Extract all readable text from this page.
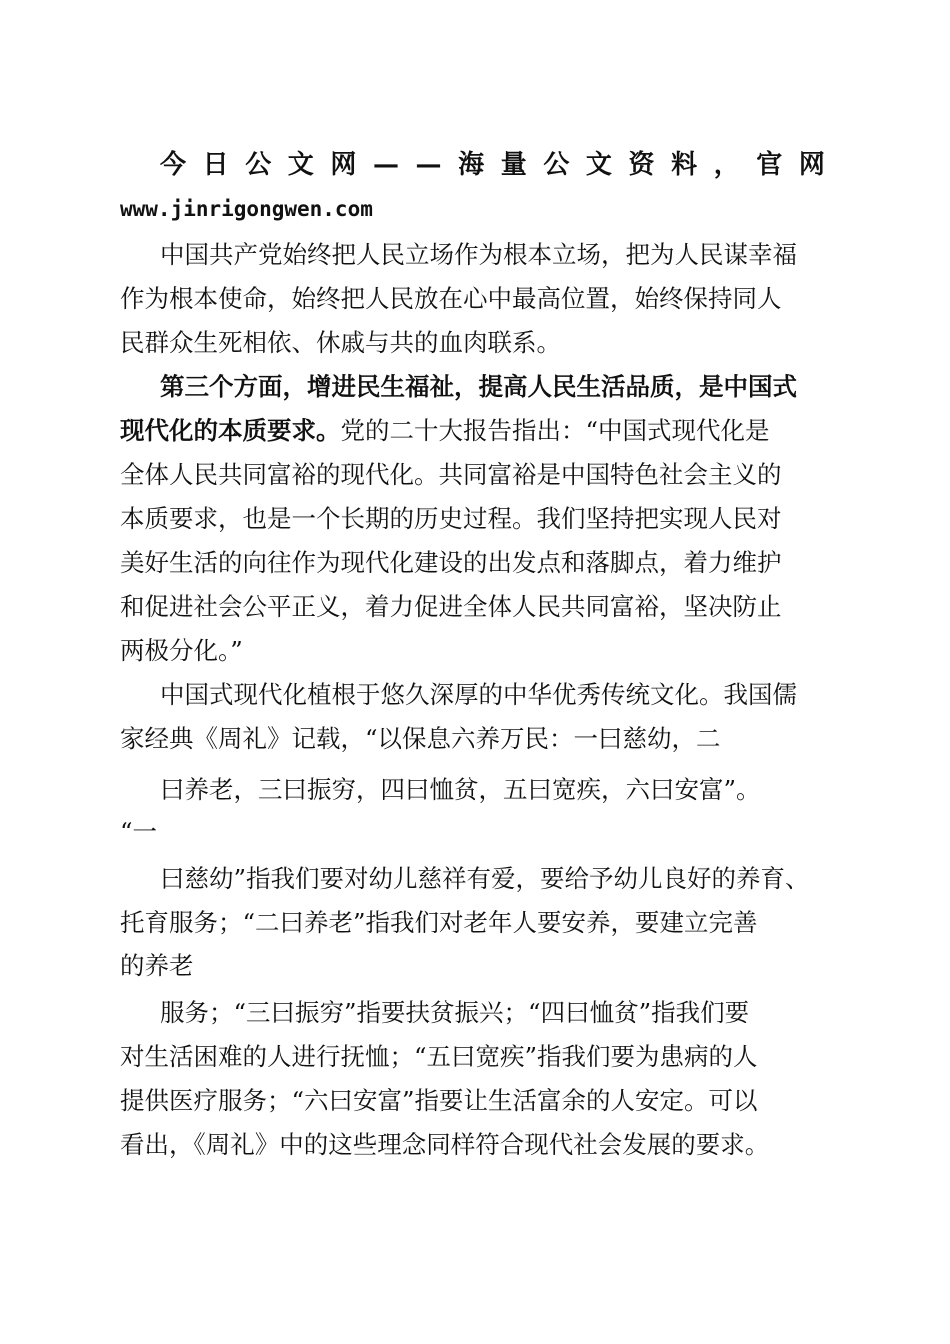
今 日 公 文 网 — — 海 量 公 文 资 料 ， 官 网
www.jinrigongwen.com
中国共产党始终把人民立场作为根本立场，把为人民谋幸福
作为根本使命，始终把人民放在心中最高位置，始终保持同人
民群众生死相依、休戚与共的血肉联系。
第三个方面，增进民生福祉，提高人民生活品质，是中国式
现代化的本质要求。党的二十大报告指出：“中国式现代化是
全体人民共同富裕的现代化。共同富裕是中国特色社会主义的
本质要求，也是一个长期的历史过程。我们坚持把实现人民对
美好生活的向往作为现代化建设的出发点和落脚点，着力维护
和促进社会公平正义，着力促进全体人民共同富裕，坚决防止
两极分化。”
中国式现代化植根于悠久深厚的中华优秀传统文化。我国儒
家经典《周礼》记载，“以保息六养万民：一曰慈幼，二
曰养老，三曰振穷，四曰恤贫，五曰宽疾，六曰安富”。
“一
曰慈幼”指我们要对幼儿慈祥有爱，要给予幼儿良好的养育、
托育服务；“二曰养老”指我们对老年人要安养，要建立完善
的养老
服务；“三曰振穷”指要扶贫振兴；“四曰恤贫”指我们要
对生活困难的人进行抚恤；“五曰宽疾”指我们要为患病的人
提供医疗服务；“六曰安富”指要让生活富余的人安定。可以
看出，《周礼》中的这些理念同样符合现代社会发展的要求。
